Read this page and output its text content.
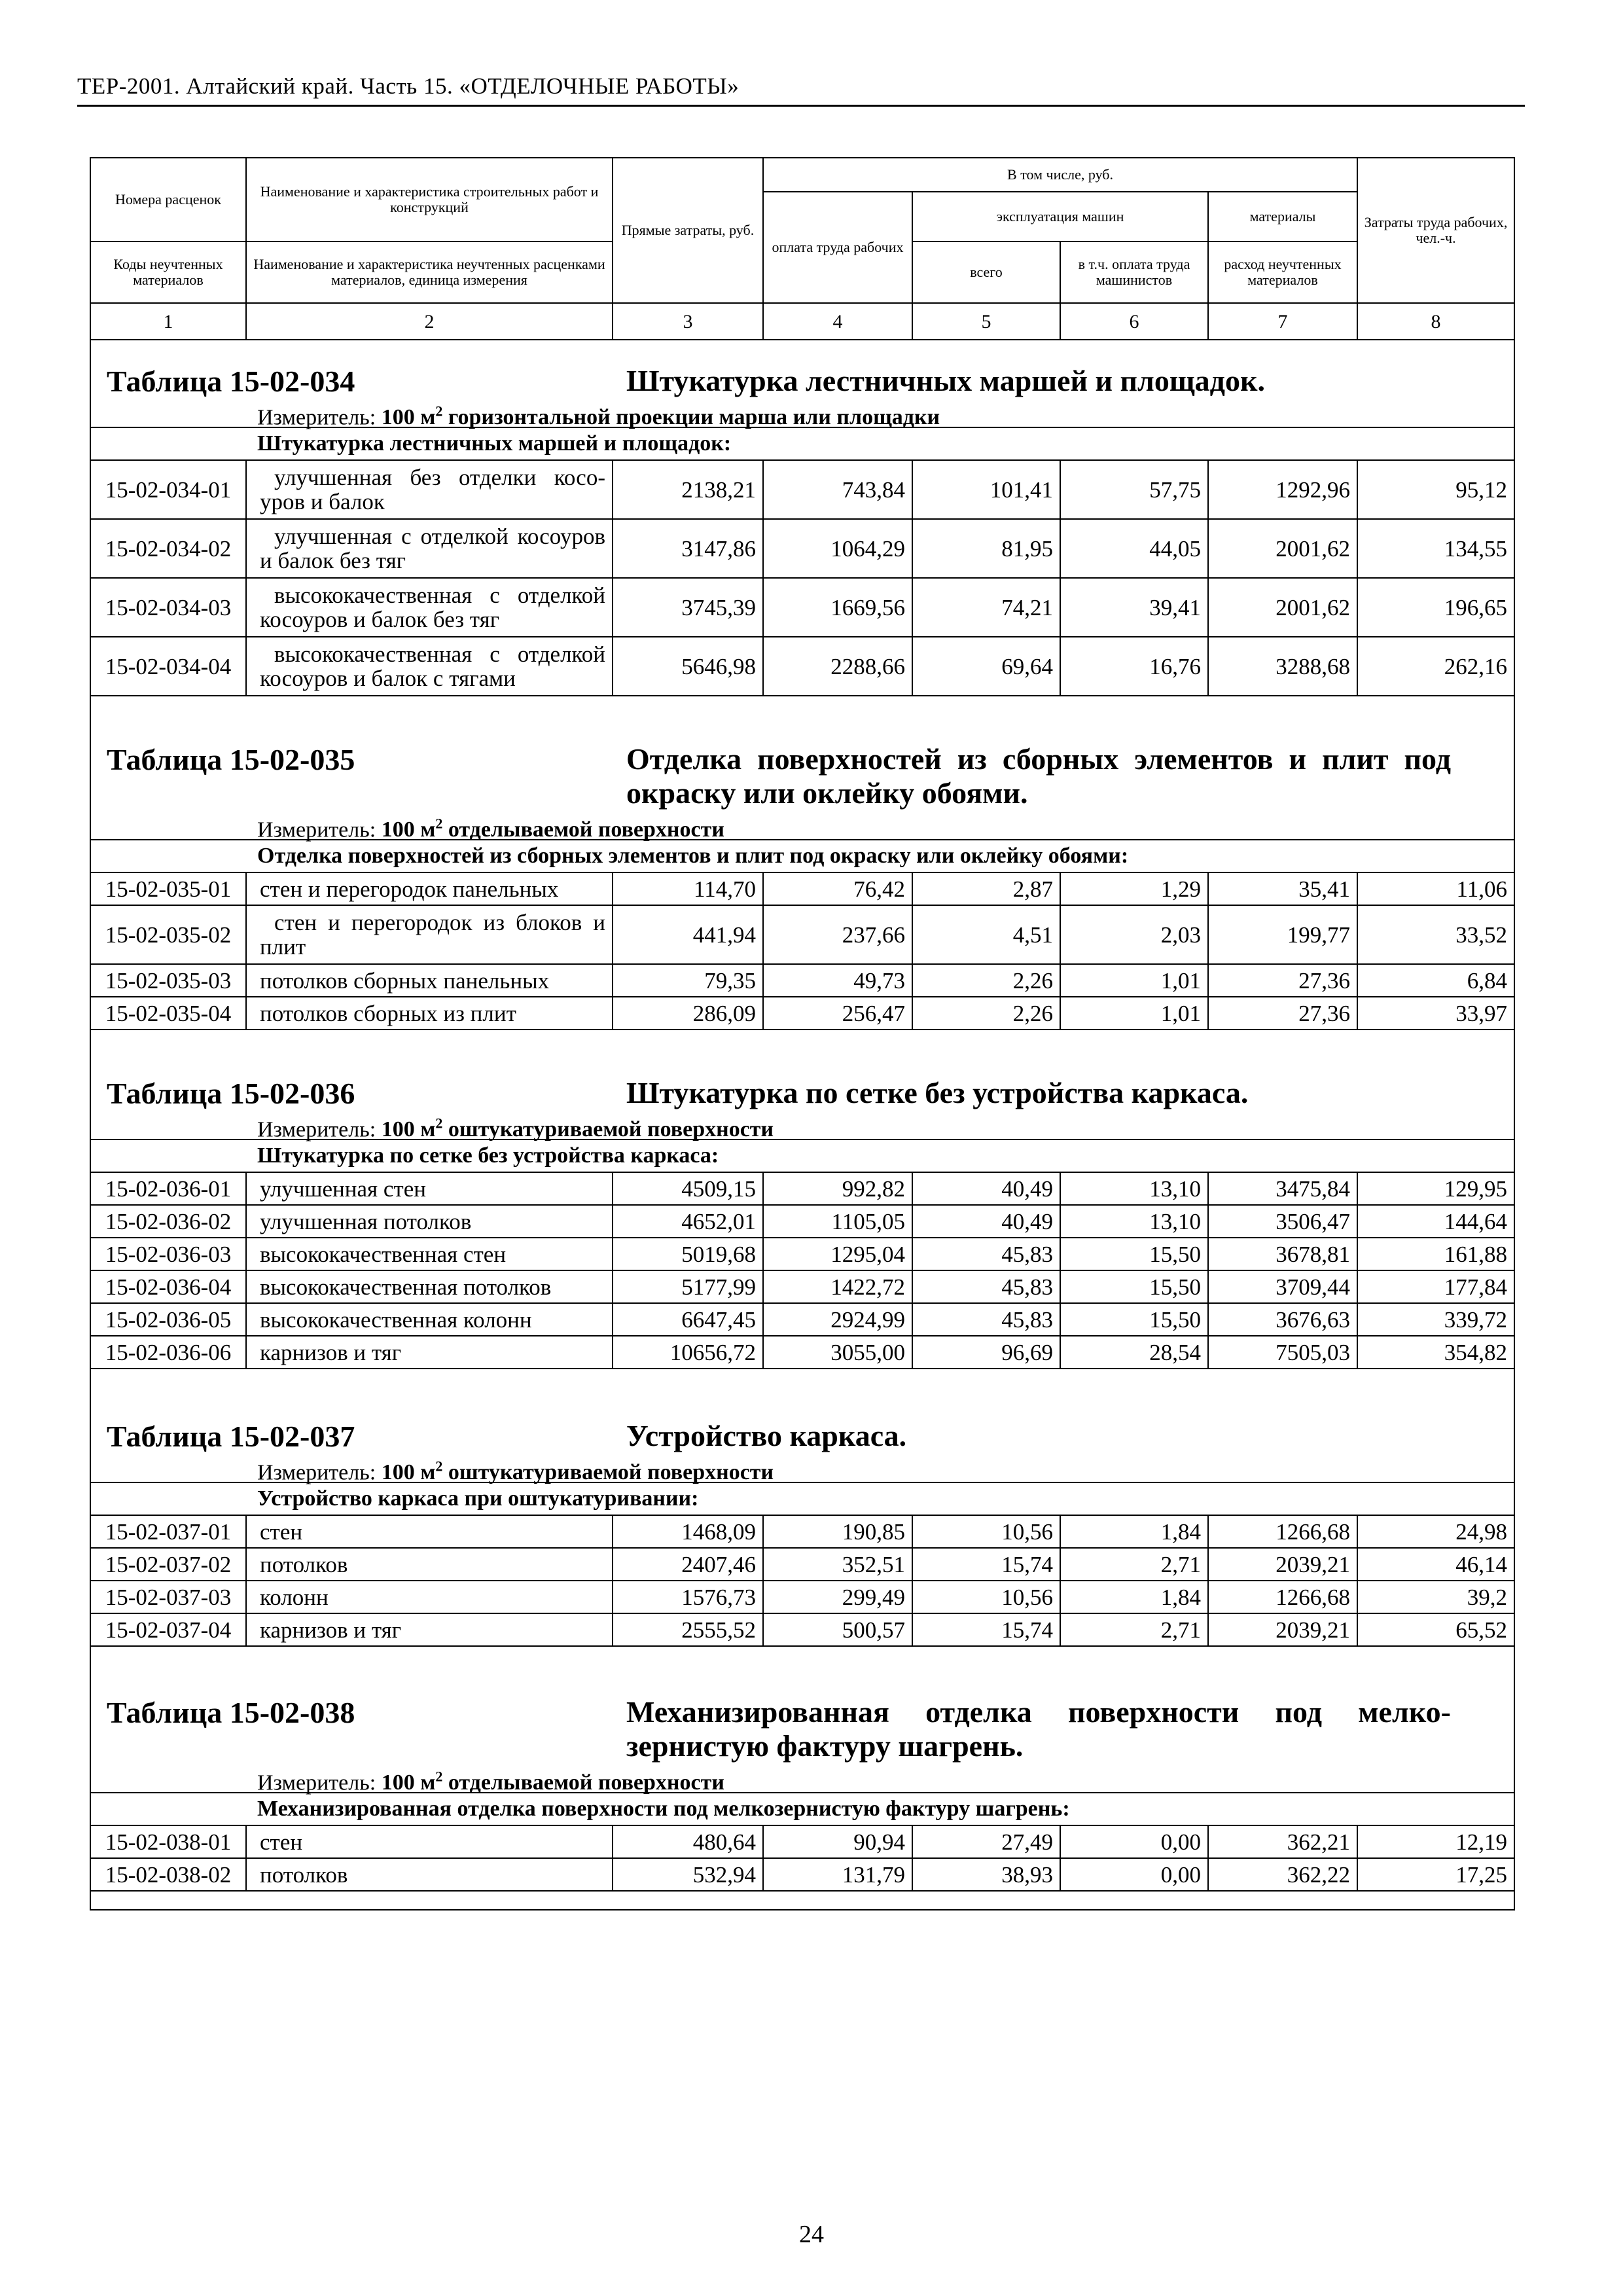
ТЕР-2001. Алтайский край. Часть 15. «ОТДЕЛОЧНЫЕ РАБОТЫ»
Номера расценок	Наименование и характеристика строительных работ и конструкций	Прямые затраты, руб.	В том числе, руб.				Затраты труда рабочих, чел.-ч.
			оплата труда рабочих	эксплуатация машин		материалы	
Коды неучтенных материалов	Наименование и характеристика неучтенных расценками материалов, единица измерения			всего	в т.ч. оплата труда машинистов	расход неучтенных материалов	
1	2	3	4	5	6	7	8
Таблица 15-02-034	Штукатурка лестничных маршей и площадок.
Измеритель: 100 $м^2$ горизонтальной проекции марша или площадки
Штукатурка лестничных маршей и площадок:
15-02-034-01	улучшенная без отделки косоуров и балок	2138,21	743,84	101,41	57,75	1292,96	95,12
15-02-034-02	улучшенная с отделкой косоуров и балок без тяг	3147,86	1064,29	81,95	44,05	2001,62	134,55
15-02-034-03	высококачественная с отделкой косоуров и балок без тяг	3745,39	1669,56	74,21	39,41	2001,62	196,65
15-02-034-04	высококачественная с отделкой косоуров и балок с тягами	5646,98	2288,66	69,64	16,76	3288,68	262,16
Таблица 15-02-035	Отделка поверхностей из сборных элементов и плит под окраску или оклейку обоями.
Измеритель: 100 $м^2$ отделываемой поверхности
Отделка поверхностей из сборных элементов и плит под окраску или оклейку обоями:
15-02-035-01	стен и перегородок панельных	114,70	76,42	2,87	1,29	35,41	11,06
15-02-035-02	стен и перегородок из блоков и плит	441,94	237,66	4,51	2,03	199,77	33,52
15-02-035-03	потолков сборных панельных	79,35	49,73	2,26	1,01	27,36	6,84
15-02-035-04	потолков сборных из плит	286,09	256,47	2,26	1,01	27,36	33,97
Таблица 15-02-036	Штукатурка по сетке без устройства каркаса.
Измеритель: 100 $м^2$ оштукатуриваемой поверхности
Штукатурка по сетке без устройства каркаса:
15-02-036-01	улучшенная стен	4509,15	992,82	40,49	13,10	3475,84	129,95
15-02-036-02	улучшенная потолков	4652,01	1105,05	40,49	13,10	3506,47	144,64
15-02-036-03	высококачественная стен	5019,68	1295,04	45,83	15,50	3678,81	161,88
15-02-036-04	высококачественная потолков	5177,99	1422,72	45,83	15,50	3709,44	177,84
15-02-036-05	высококачественная колонн	6647,45	2924,99	45,83	15,50	3676,63	339,72
15-02-036-06	карнизов и тяг	10656,72	3055,00	96,69	28,54	7505,03	354,82
Таблица 15-02-037	Устройство каркаса.
Измеритель: 100 $м^2$ оштукатуриваемой поверхности
Устройство каркаса при оштукатуривании:
15-02-037-01	стен	1468,09	190,85	10,56	1,84	1266,68	24,98
15-02-037-02	потолков	2407,46	352,51	15,74	2,71	2039,21	46,14
15-02-037-03	колонн	1576,73	299,49	10,56	1,84	1266,68	39,2
15-02-037-04	карнизов и тяг	2555,52	500,57	15,74	2,71	2039,21	65,52
Таблица 15-02-038	Механизированная отделка поверхности под мелкозернистую фактуру шагрень.
Измеритель: 100 $м^2$ отделываемой поверхности
Механизированная отделка поверхности под мелкозернистую фактуру шагрень:
15-02-038-01	стен	480,64	90,94	27,49	0,00	362,21	12,19
15-02-038-02	потолков	532,94	131,79	38,93	0,00	362,22	17,25
24
